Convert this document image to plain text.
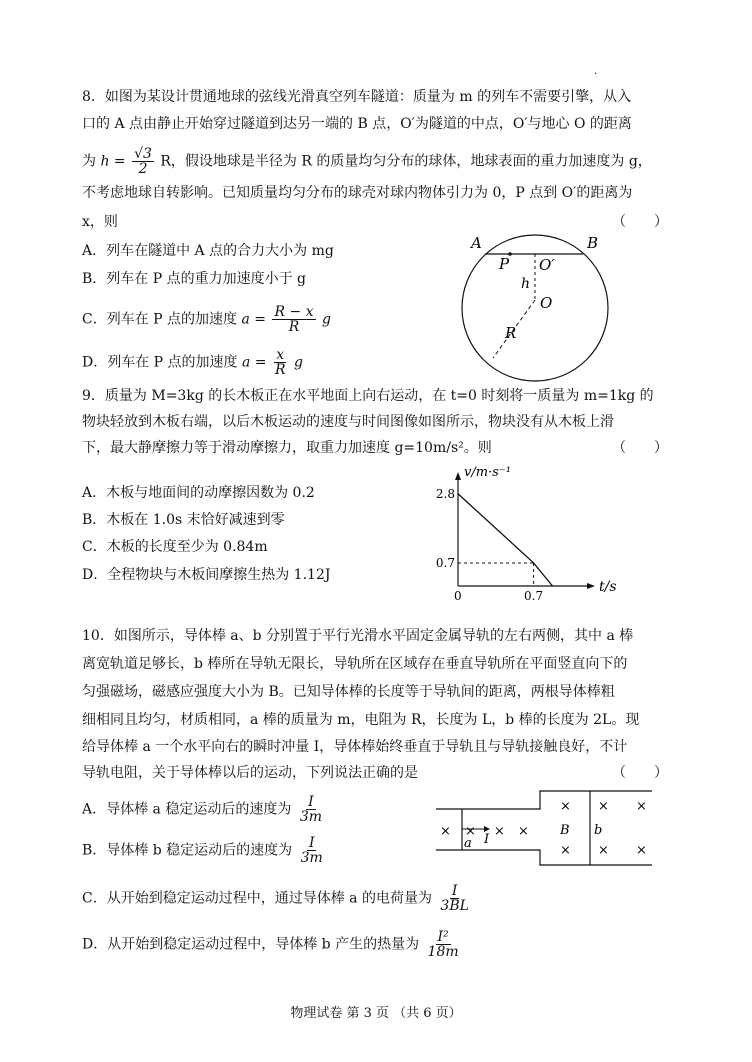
.
8．如图为某设计贯通地球的弦线光滑真空列车隧道：质量为 m 的列车不需要引擎，从入
口的 A 点由静止开始穿过隧道到达另一端的 B 点，O′为隧道的中点，O′与地心 O 的距离
为 $h = \frac{√3}{2}$ R，假设地球是半径为 R 的质量均匀分布的球体，地球表面的重力加速度为 g，
不考虑地球自转影响。已知质量均匀分布的球壳对球内物体引力为 0，P 点到 O′的距离为
x，则	（　　）
A．列车在隧道中 A 点的合力大小为 mg
B．列车在 P 点的重力加速度小于 g
C．列车在 P 点的加速度 $a = \frac{R - x}{R}$ g
D．列车在 P 点的加速度 $a = \frac{x}{R}$ g
A	B
P O′
h
O
R
9．质量为 M=3kg 的长木板正在水平地面上向右运动，在 t=0 时刻将一质量为 m=1kg 的
物块轻放到木板右端，以后木板运动的速度与时间图像如图所示，物块没有从木板上滑
下，最大静摩擦力等于滑动摩擦力，取重力加速度 g=10m/s²。则	（　　）
A．木板与地面间的动摩擦因数为 0.2
B．木板在 1.0s 末恰好减速到零
C．木板的长度至少为 0.84m
D．全程物块与木板间摩擦生热为 1.12J
v/m·s⁻¹
t/s
0
2.8
0.7
0.7
10．如图所示，导体棒 a、b 分别置于平行光滑水平固定金属导轨的左右两侧，其中 a 棒
离宽轨道足够长，b 棒所在导轨无限长，导轨所在区域存在垂直导轨所在平面竖直向下的
匀强磁场，磁感应强度大小为 B。已知导体棒的长度等于导轨间的距离，两根导体棒粗
细相同且均匀，材质相同，a 棒的质量为 m，电阻为 R，长度为 L，b 棒的长度为 2L。现
给导体棒 a 一个水平向右的瞬时冲量 I，导体棒始终垂直于导轨且与导轨接触良好，不计
导轨电阻，关于导体棒以后的运动，下列说法正确的是	（　　）
A．导体棒 a 稳定运动后的速度为 $\frac{I}{3m}$
B．导体棒 b 稳定运动后的速度为 $\frac{I}{3m}$
C．从开始到稳定运动过程中，通过导体棒 a 的电荷量为 $\frac{I}{3BL}$
D．从开始到稳定运动过程中，导体棒 b 产生的热量为 $\frac{\text{I²}}{18m}$
× × × ×
× × ×
× × ×
B b
a I
物理试卷 第 3 页 （共 6 页）
